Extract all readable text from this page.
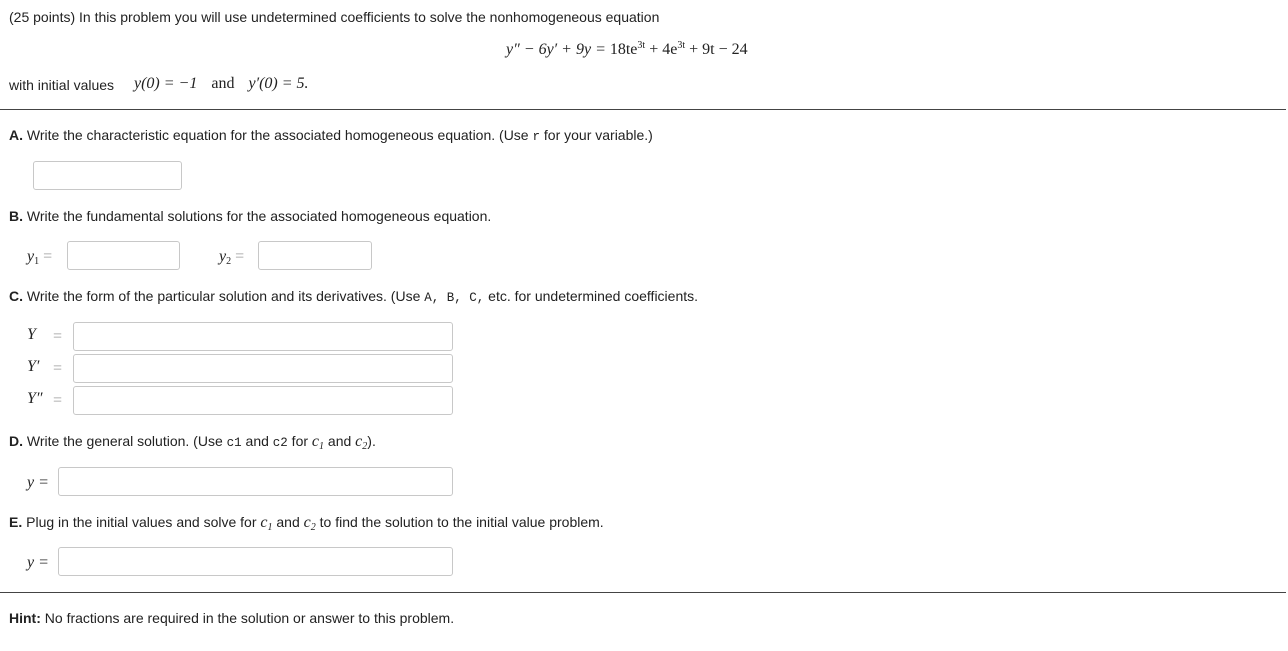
(25 points) In this problem you will use undetermined coefficients to solve the nonhomogeneous equation
$y'' - 6y' + 9y = 18te^{3t} + 4e^{3t} + 9t - 24$
with initial values y(0) = −1 and y′(0) = 5.
A. Write the characteristic equation for the associated homogeneous equation. (Use r for your variable.)
B. Write the fundamental solutions for the associated homogeneous equation.
$y_1$ =	$y_2$ =
C. Write the form of the particular solution and its derivatives. (Use A, B, C, etc. for undetermined coefficients.
Y =
Y′ =
Y″ =
D. Write the general solution. (Use c1 and c2 for $c_1$ and $c_2$).
y =
E. Plug in the initial values and solve for $c_1$ and $c_2$ to find the solution to the initial value problem.
y =
Hint: No fractions are required in the solution or answer to this problem.
